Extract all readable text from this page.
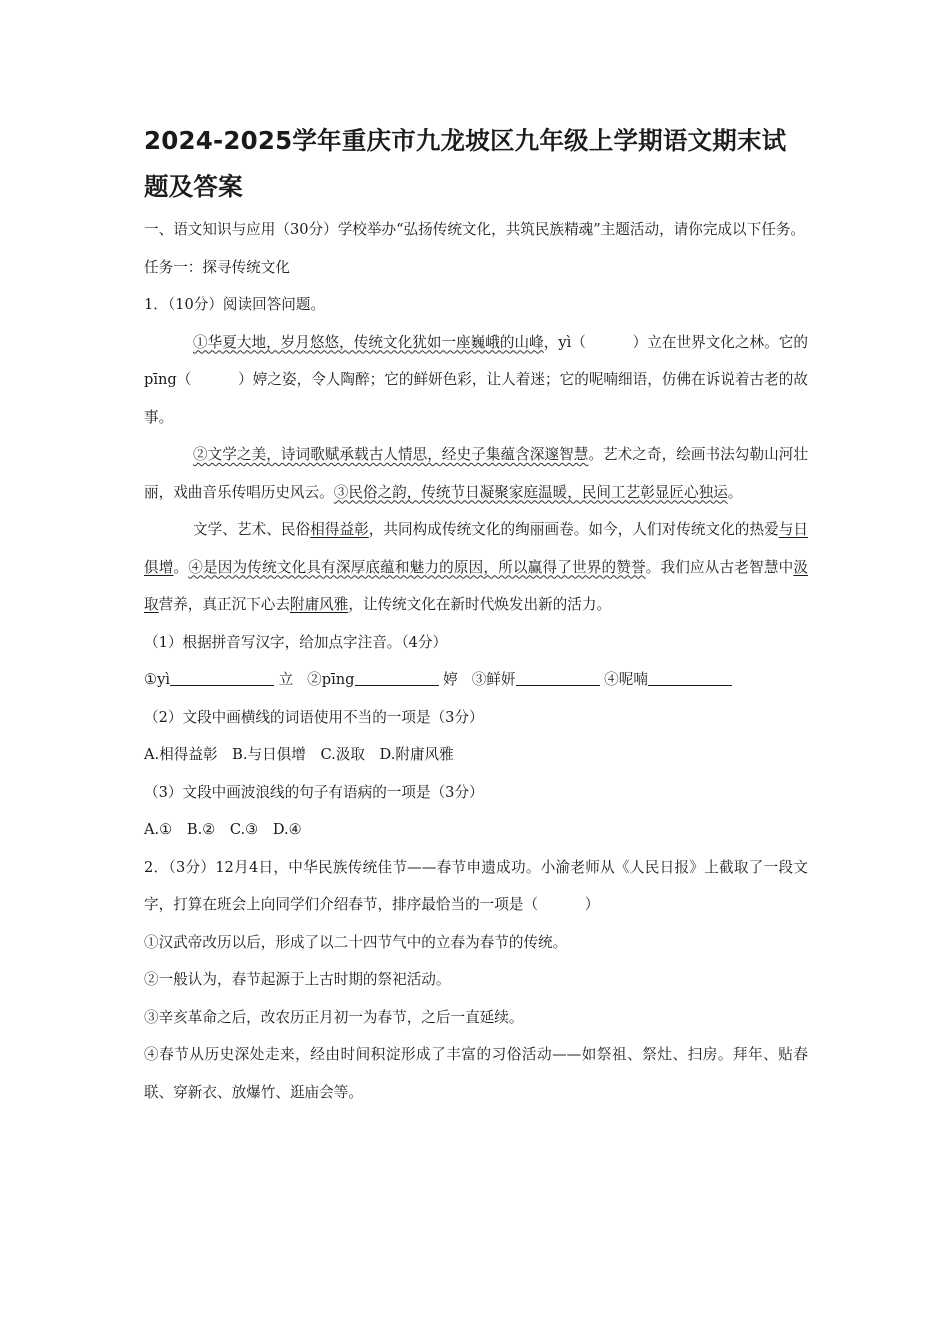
2024-2025学年重庆市九龙坡区九年级上学期语文期末试题及答案

一、语文知识与应用（30分）学校举办“弘扬传统文化，共筑民族精魂”主题活动，请你完成以下任务。

任务一：探寻传统文化

1．（10分）阅读回答问题。

①华夏大地，岁月悠悠，传统文化犹如一座巍峨的山峰，yì（	）立在世界文化之林。它的pīng（	）婷之姿，令人陶醉；它的鲜妍色彩，让人着迷；它的呢喃细语，仿佛在诉说着古老的故事。

②文学之美，诗词歌赋承载古人情思，经史子集蕴含深邃智慧。艺术之奇，绘画书法勾勒山河壮丽，戏曲音乐传唱历史风云。③民俗之韵，传统节日凝聚家庭温暖，民间工艺彰显匠心独运。

文学、艺术、民俗相得益彰，共同构成传统文化的绚丽画卷。如今，人们对传统文化的热爱与日俱增。④是因为传统文化具有深厚底蕴和魅力的原因，所以赢得了世界的赞誉。我们应从古老智慧中汲取营养，真正沉下心去附庸风雅，让传统文化在新时代焕发出新的活力。

（1）根据拼音写汉字，给加点字注音。（4分）

①yì	立 ②pīng	婷 ③鲜妍	④呢喃

（2）文段中画横线的词语使用不当的一项是（3分）

A.相得益彰　B.与日俱增　C.汲取　D.附庸风雅

（3）文段中画波浪线的句子有语病的一项是（3分）

A.①　B.②　C.③　D.④

2．（3分）12月4日，中华民族传统佳节——春节申遗成功。小渝老师从《人民日报》上截取了一段文字，打算在班会上向同学们介绍春节，排序最恰当的一项是（	）

①汉武帝改历以后，形成了以二十四节气中的立春为春节的传统。

②一般认为，春节起源于上古时期的祭祀活动。

③辛亥革命之后，改农历正月初一为春节，之后一直延续。

④春节从历史深处走来，经由时间积淀形成了丰富的习俗活动——如祭祖、祭灶、扫房。拜年、贴春联、穿新衣、放爆竹、逛庙会等。
